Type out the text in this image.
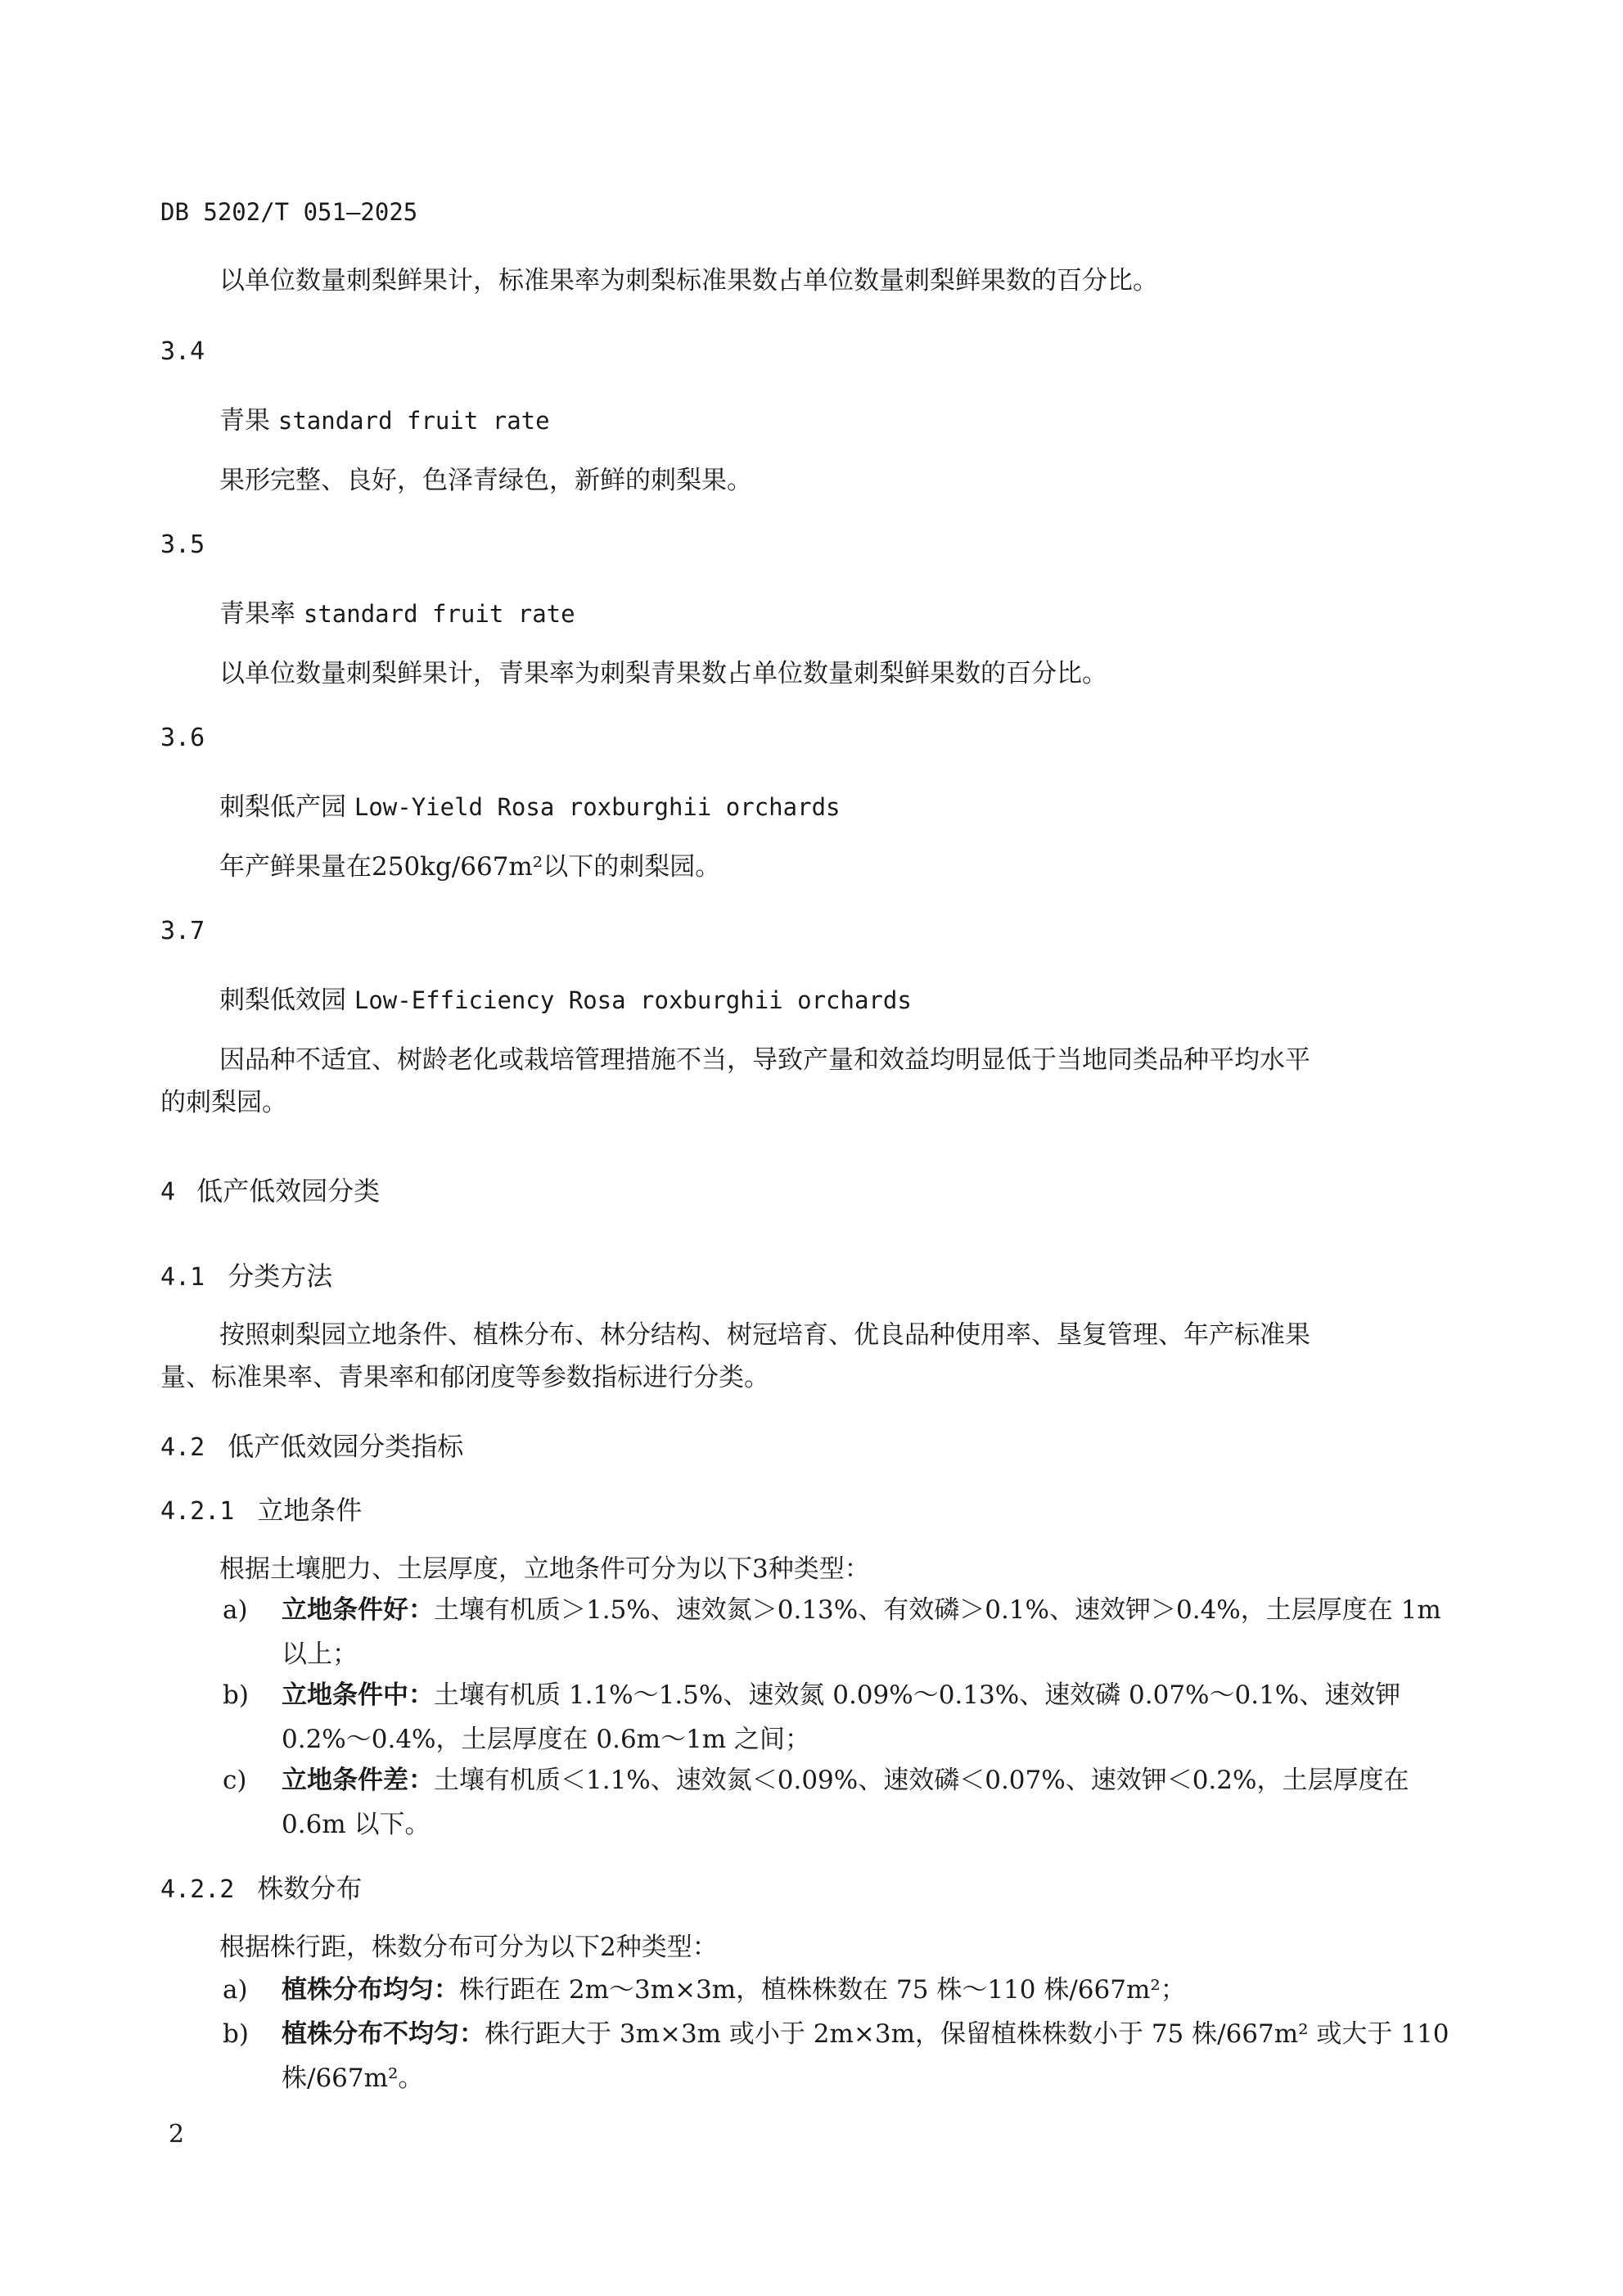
DB 5202/T 051—2025
以单位数量刺梨鲜果计，标准果率为刺梨标准果数占单位数量刺梨鲜果数的百分比。
3.4
青果 standard fruit rate
果形完整、良好，色泽青绿色，新鲜的刺梨果。
3.5
青果率 standard fruit rate
以单位数量刺梨鲜果计，青果率为刺梨青果数占单位数量刺梨鲜果数的百分比。
3.6
刺梨低产园 Low-Yield Rosa roxburghii orchards
年产鲜果量在250kg/667m²以下的刺梨园。
3.7
刺梨低效园 Low-Efficiency Rosa roxburghii orchards
因品种不适宜、树龄老化或栽培管理措施不当，导致产量和效益均明显低于当地同类品种平均水平
的刺梨园。
4 低产低效园分类
4.1 分类方法
按照刺梨园立地条件、植株分布、林分结构、树冠培育、优良品种使用率、垦复管理、年产标准果
量、标准果率、青果率和郁闭度等参数指标进行分类。
4.2 低产低效园分类指标
4.2.1 立地条件
根据土壤肥力、土层厚度，立地条件可分为以下3种类型：
a) 立地条件好：土壤有机质＞1.5%、速效氮＞0.13%、有效磷＞0.1%、速效钾＞0.4%，土层厚度在 1m 以上；
b) 立地条件中：土壤有机质 1.1%～1.5%、速效氮 0.09%～0.13%、速效磷 0.07%～0.1%、速效钾 0.2%～0.4%，土层厚度在 0.6m～1m 之间；
c) 立地条件差：土壤有机质＜1.1%、速效氮＜0.09%、速效磷＜0.07%、速效钾＜0.2%，土层厚度在 0.6m 以下。
4.2.2 株数分布
根据株行距，株数分布可分为以下2种类型：
a) 植株分布均匀：株行距在 2m～3m×3m，植株株数在 75 株～110 株/667m²；
b) 植株分布不均匀：株行距大于 3m×3m 或小于 2m×3m，保留植株株数小于 75 株/667m² 或大于 110 株/667m²。
2
